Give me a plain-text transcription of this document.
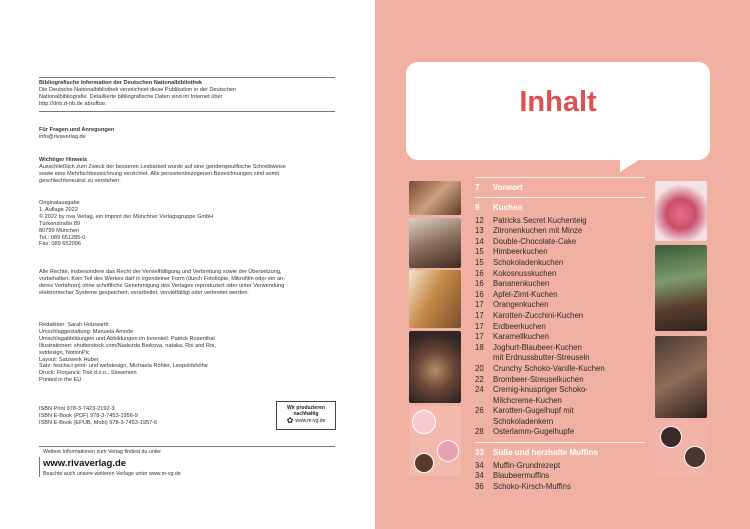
Bibliografische Information der Deutschen Nationalbibliothek

Die Deutsche Nationalbibliothek verzeichnet diese Publikation in der Deutschen

Nationalbibliografie. Detaillierte bibliografische Daten sind im Internet über

http://dnb.d-nb.de abrufbar.

Für Fragen und Anregungen

info@rivaverlag.de

Wichtiger Hinweis

Ausschließlich zum Zweck der besseren Lesbarkeit wurde auf eine genderspezifische Schreibweise

sowie eine Mehrfachbezeichnung verzichtet. Alle personenbezogenen Bezeichnungen sind somit

geschlechtsneutral zu verstehen.

Originalausgabe

1. Auflage 2022

© 2022 by riva Verlag, ein Imprint der Münchner Verlagsgruppe GmbH

Türkenstraße 89

80799 München

Tel.: 089 651285-0

Fax: 089 652096

Alle Rechte, insbesondere das Recht der Vervielfältigung und Verbreitung sowie der Übersetzung,

vorbehalten. Kein Teil des Werkes darf in irgendeiner Form (durch Fotokopie, Mikrofilm oder ein an-

deres Verfahren) ohne schriftliche Genehmigung des Verlages reproduziert oder unter Verwendung

elektronischer Systeme gespeichert, verarbeitet, vervielfältigt oder verbreitet werden.

Redaktion: Sarah Holzwarth

Umschlaggestaltung: Manuela Amode

Umschlagabbildungen und Abbildungen im Innenteil: Patrick Rosenthal

Illustrationen: shutterstock.com/Nadezda Barkova, nataka, Roi and Roi,

svtdesign, NotionPic

Layout: Satzwerk Huber

Satz: fescha:t print- und webdesign, Michaela Röhler, Leopoldshöhe

Druck: Florjancic Tisk d.o.o., Slowenien

Printed in the EU

ISBN Print 978-3-7423-2192-3

ISBN E-Book (PDF) 978-3-7453-1956-9

ISBN E-Book (EPUB, Mobi) 978-3-7453-1957-6

Wir produzieren
nachhaltig
✿ www.m-vg.de
Weitere Informationen zum Verlag findest du unter
www.rivaverlag.de
Beachte auch unsere weiteren Verlage unter www.m-vg.de
Inhalt
7	Vorwort
9	Kuchen
12	Patricks Secret Kuchenteig
13	Zitronenkuchen mit Minze
14	Double-Chocolate-Cake
15	Himbeerkuchen
15	Schokoladenkuchen
16	Kokosnusskuchen
16	Bananenkuchen
16	Apfel-Zimt-Kuchen
17	Orangenkuchen
17	Karotten-Zucchini-Kuchen
17	Erdbeerkuchen
17	Karamellkuchen
18	Joghurt-Blaubeer-Kuchen
mit Erdnussbutter-Streuseln
20	Crunchy Schoko-Vanille-Kuchen
22	Brombeer-Streuselkuchen
24	Cremig-knuspriger Schoko-
Milchcreme-Kuchen
26	Karotten-Gugelhupf mit
Schokoladenkern
28	Osterlamm-Gugelhupfe
33	Süße und herzhafte Muffins
34	Muffin-Grundrezept
34	Blaubeermuffins
36	Schoko-Kirsch-Muffins
